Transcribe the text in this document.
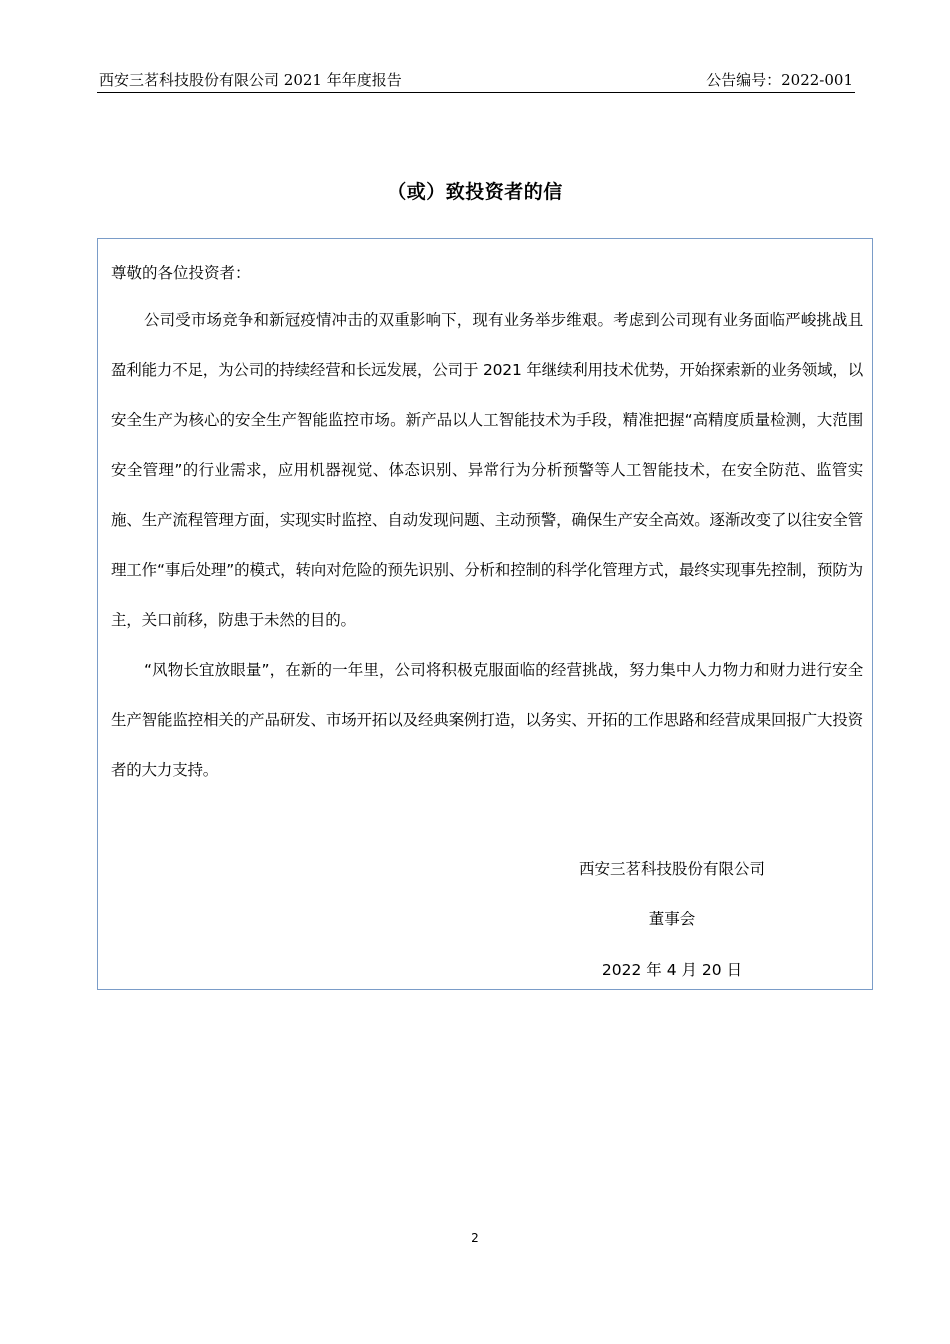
西安三茗科技股份有限公司 2021 年年度报告	公告编号：2022-001
（或）致投资者的信
尊敬的各位投资者：

公司受市场竞争和新冠疫情冲击的双重影响下，现有业务举步维艰。考虑到公司现有业务面临严峻挑战且盈利能力不足，为公司的持续经营和长远发展，公司于 2021 年继续利用技术优势，开始探索新的业务领域，以安全生产为核心的安全生产智能监控市场。新产品以人工智能技术为手段，精准把握“高精度质量检测，大范围安全管理”的行业需求，应用机器视觉、体态识别、异常行为分析预警等人工智能技术，在安全防范、监管实施、生产流程管理方面，实现实时监控、自动发现问题、主动预警，确保生产安全高效。逐渐改变了以往安全管理工作“事后处理”的模式，转向对危险的预先识别、分析和控制的科学化管理方式，最终实现事先控制，预防为主，关口前移，防患于未然的目的。

“风物长宜放眼量”，在新的一年里，公司将积极克服面临的经营挑战，努力集中人力物力和财力进行安全生产智能监控相关的产品研发、市场开拓以及经典案例打造，以务实、开拓的工作思路和经营成果回报广大投资者的大力支持。

西安三茗科技股份有限公司
董事会
2022 年 4 月 20 日
2
